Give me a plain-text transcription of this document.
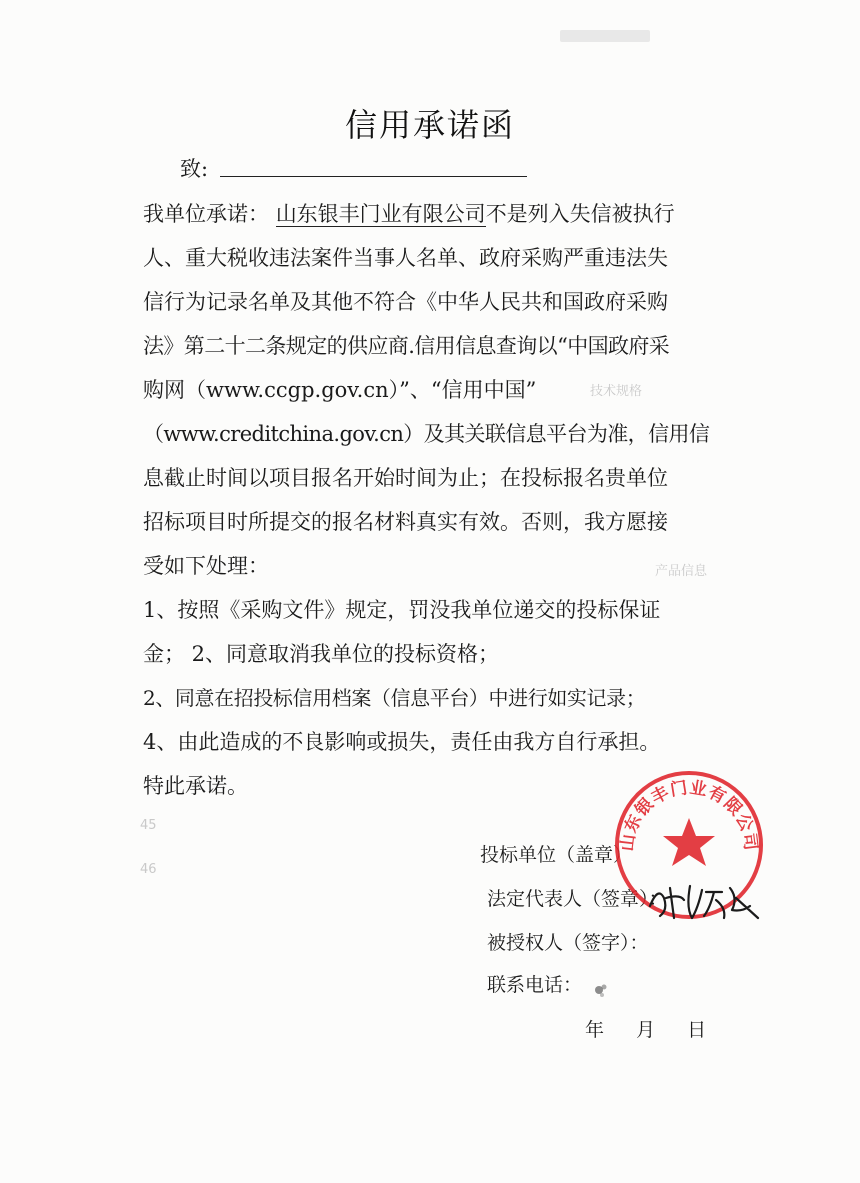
技术规格
产品信息
45
46
信用承诺函
致:
我单位承诺： 山东银丰门业有限公司不是列入失信被执行
人、重大税收违法案件当事人名单、政府采购严重违法失
信行为记录名单及其他不符合《中华人民共和国政府采购
法》第二十二条规定的供应商.信用信息查询以“中国政府采
购网（www.ccgp.gov.cn）”、“信用中国”
（www.creditchina.gov.cn）及其关联信息平台为准，信用信
息截止时间以项目报名开始时间为止；在投标报名贵单位
招标项目时所提交的报名材料真实有效。否则，我方愿接
受如下处理：
1、按照《采购文件》规定，罚没我单位递交的投标保证
金； 2、同意取消我单位的投标资格；
2、同意在招投标信用档案（信息平台）中进行如实记录；
4、由此造成的不良影响或损失，责任由我方自行承担。
特此承诺。
投标单位（盖章）
法定代表人（签章）：
被授权人（签字）：
联系电话：
年 月 日
山东银丰门业有限公司
